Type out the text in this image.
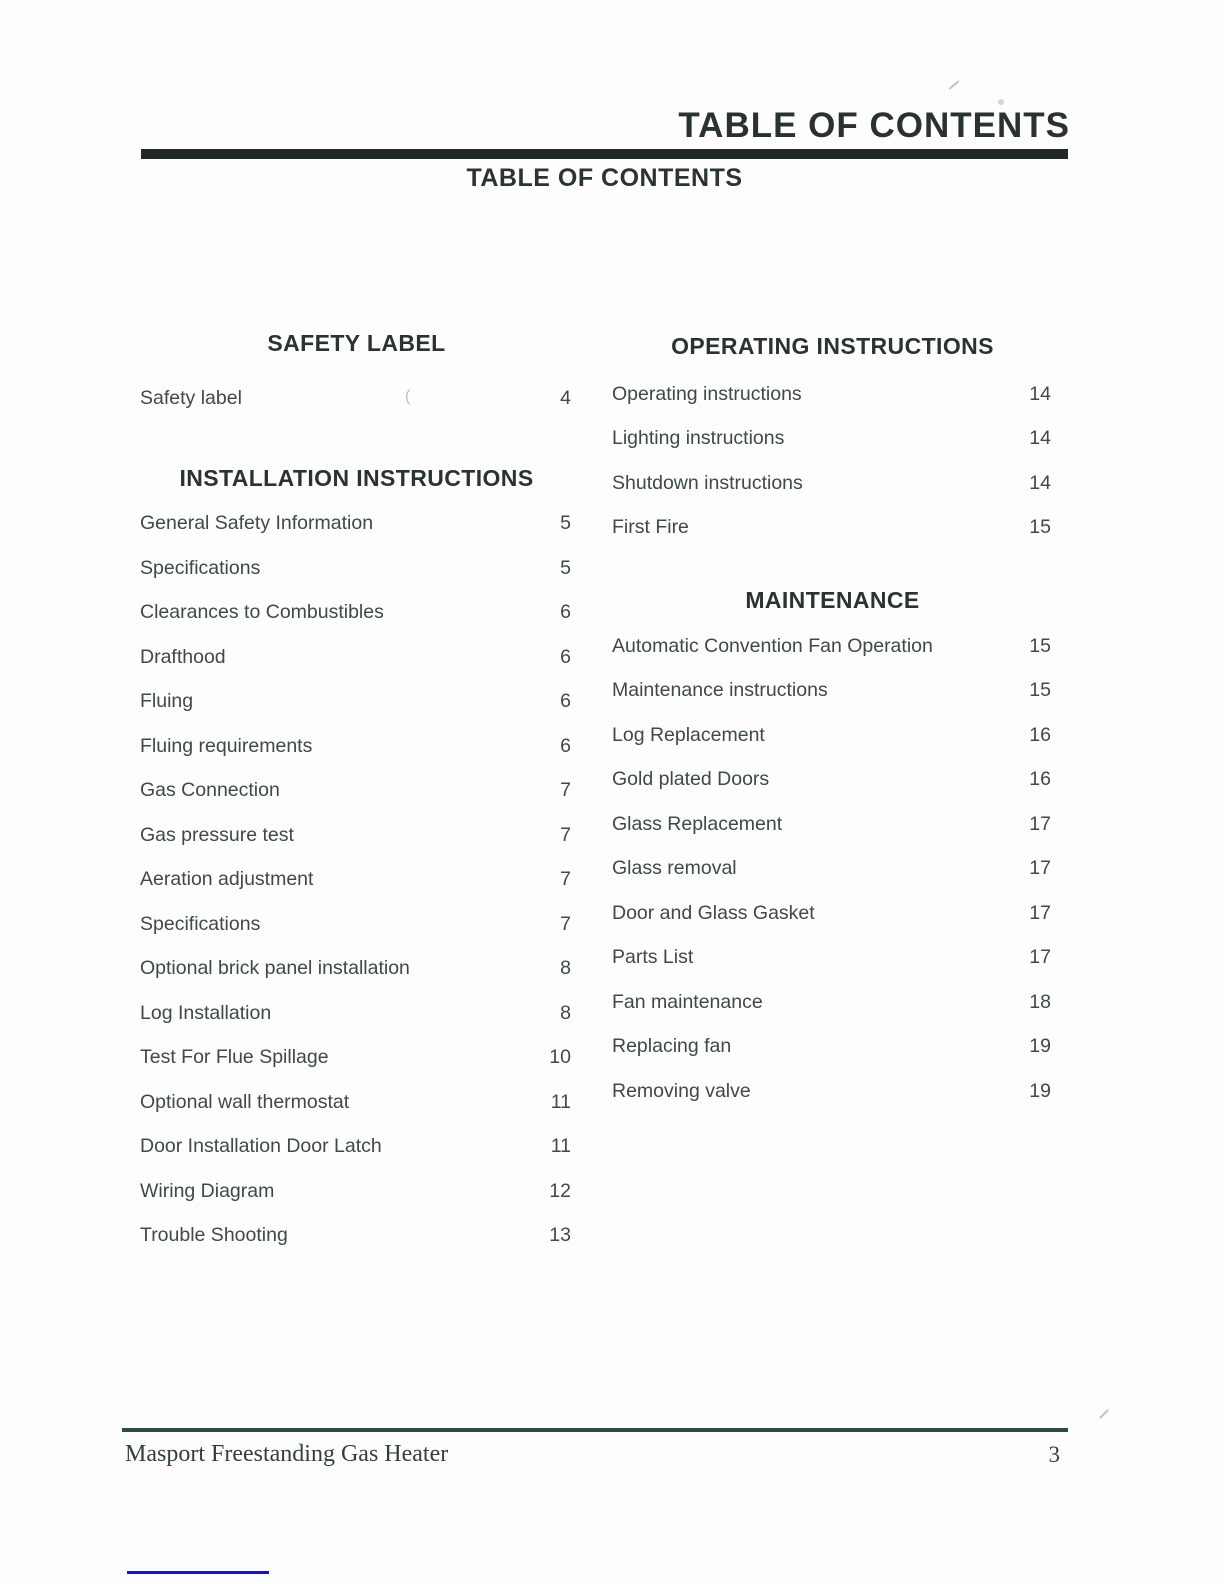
TABLE OF CONTENTS
TABLE OF CONTENTS
SAFETY LABEL
Safety label	4
INSTALLATION INSTRUCTIONS
General Safety Information	5
Specifications	5
Clearances to Combustibles	6
Drafthood	6
Fluing	6
Fluing requirements	6
Gas Connection	7
Gas pressure test	7
Aeration adjustment	7
Specifications	7
Optional brick panel installation	8
Log Installation	8
Test For Flue Spillage	10
Optional wall thermostat	11
Door Installation Door Latch	11
Wiring Diagram	12
Trouble Shooting	13
OPERATING INSTRUCTIONS
Operating instructions	14
Lighting instructions	14
Shutdown instructions	14
First Fire	15
MAINTENANCE
Automatic Convention Fan Operation	15
Maintenance instructions	15
Log Replacement	16
Gold plated Doors	16
Glass Replacement	17
Glass removal	17
Door and Glass Gasket	17
Parts List	17
Fan maintenance	18
Replacing fan	19
Removing valve	19
Masport Freestanding Gas Heater	3
(
